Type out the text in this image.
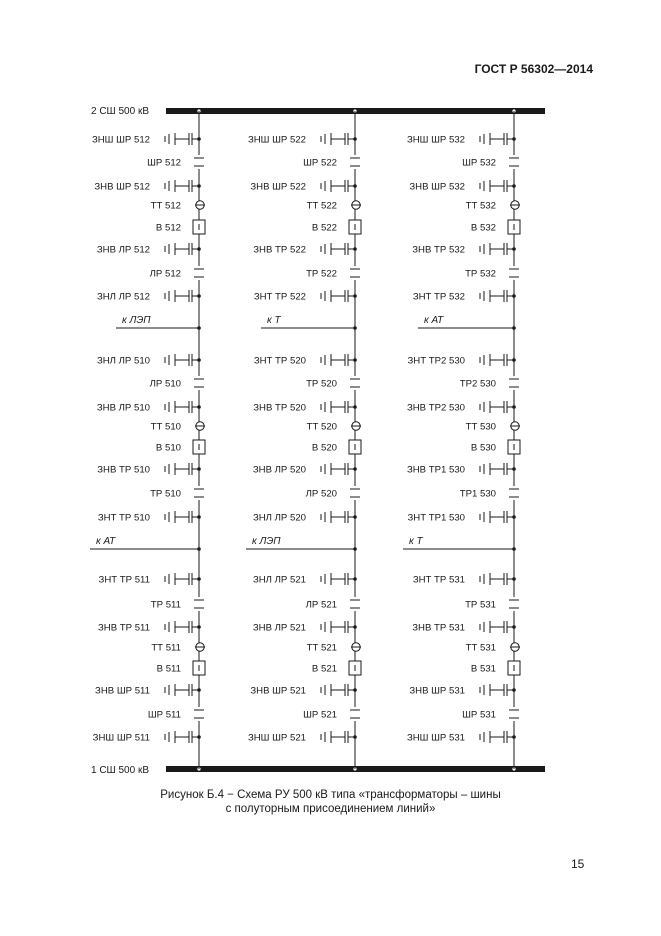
ГОСТ Р 56302—2014
2 СШ 500 кВ
1 СШ 500 кВ
ЗНШ ШР 512
ШР 512
ЗНВ ШР 512
ТТ 512
В 512
ЗНВ ЛР 512
ЛР 512
ЗНЛ ЛР 512
ЗНЛ ЛР 510
ЛР 510
ЗНВ ЛР 510
ТТ 510
В 510
ЗНВ ТР 510
ТР 510
ЗНТ ТР 510
ЗНТ ТР 511
ТР 511
ЗНВ ТР 511
ТТ 511
В 511
ЗНВ ШР 511
ШР 511
ЗНШ ШР 511
к ЛЭП
к АТ
ЗНШ ШР 522
ШР 522
ЗНВ ШР 522
ТТ 522
В 522
ЗНВ ТР 522
ТР 522
ЗНТ ТР 522
ЗНТ ТР 520
ТР 520
ЗНВ ТР 520
ТТ 520
В 520
ЗНВ ЛР 520
ЛР 520
ЗНЛ ЛР 520
ЗНЛ ЛР 521
ЛР 521
ЗНВ ЛР 521
ТТ 521
В 521
ЗНВ ШР 521
ШР 521
ЗНШ ШР 521
к Т
к ЛЭП
ЗНШ ШР 532
ШР 532
ЗНВ ШР 532
ТТ 532
В 532
ЗНВ ТР 532
ТР 532
ЗНТ ТР 532
ЗНТ ТР2 530
ТР2 530
ЗНВ ТР2 530
ТТ 530
В 530
ЗНВ ТР1 530
ТР1 530
ЗНТ ТР1 530
ЗНТ ТР 531
ТР 531
ЗНВ ТР 531
ТТ 531
В 531
ЗНВ ШР 531
ШР 531
ЗНШ ШР 531
к АТ
к Т
Рисунок Б.4 − Схема РУ 500 кВ типа «трансформаторы – шины
с полуторным присоединением линий»
15
